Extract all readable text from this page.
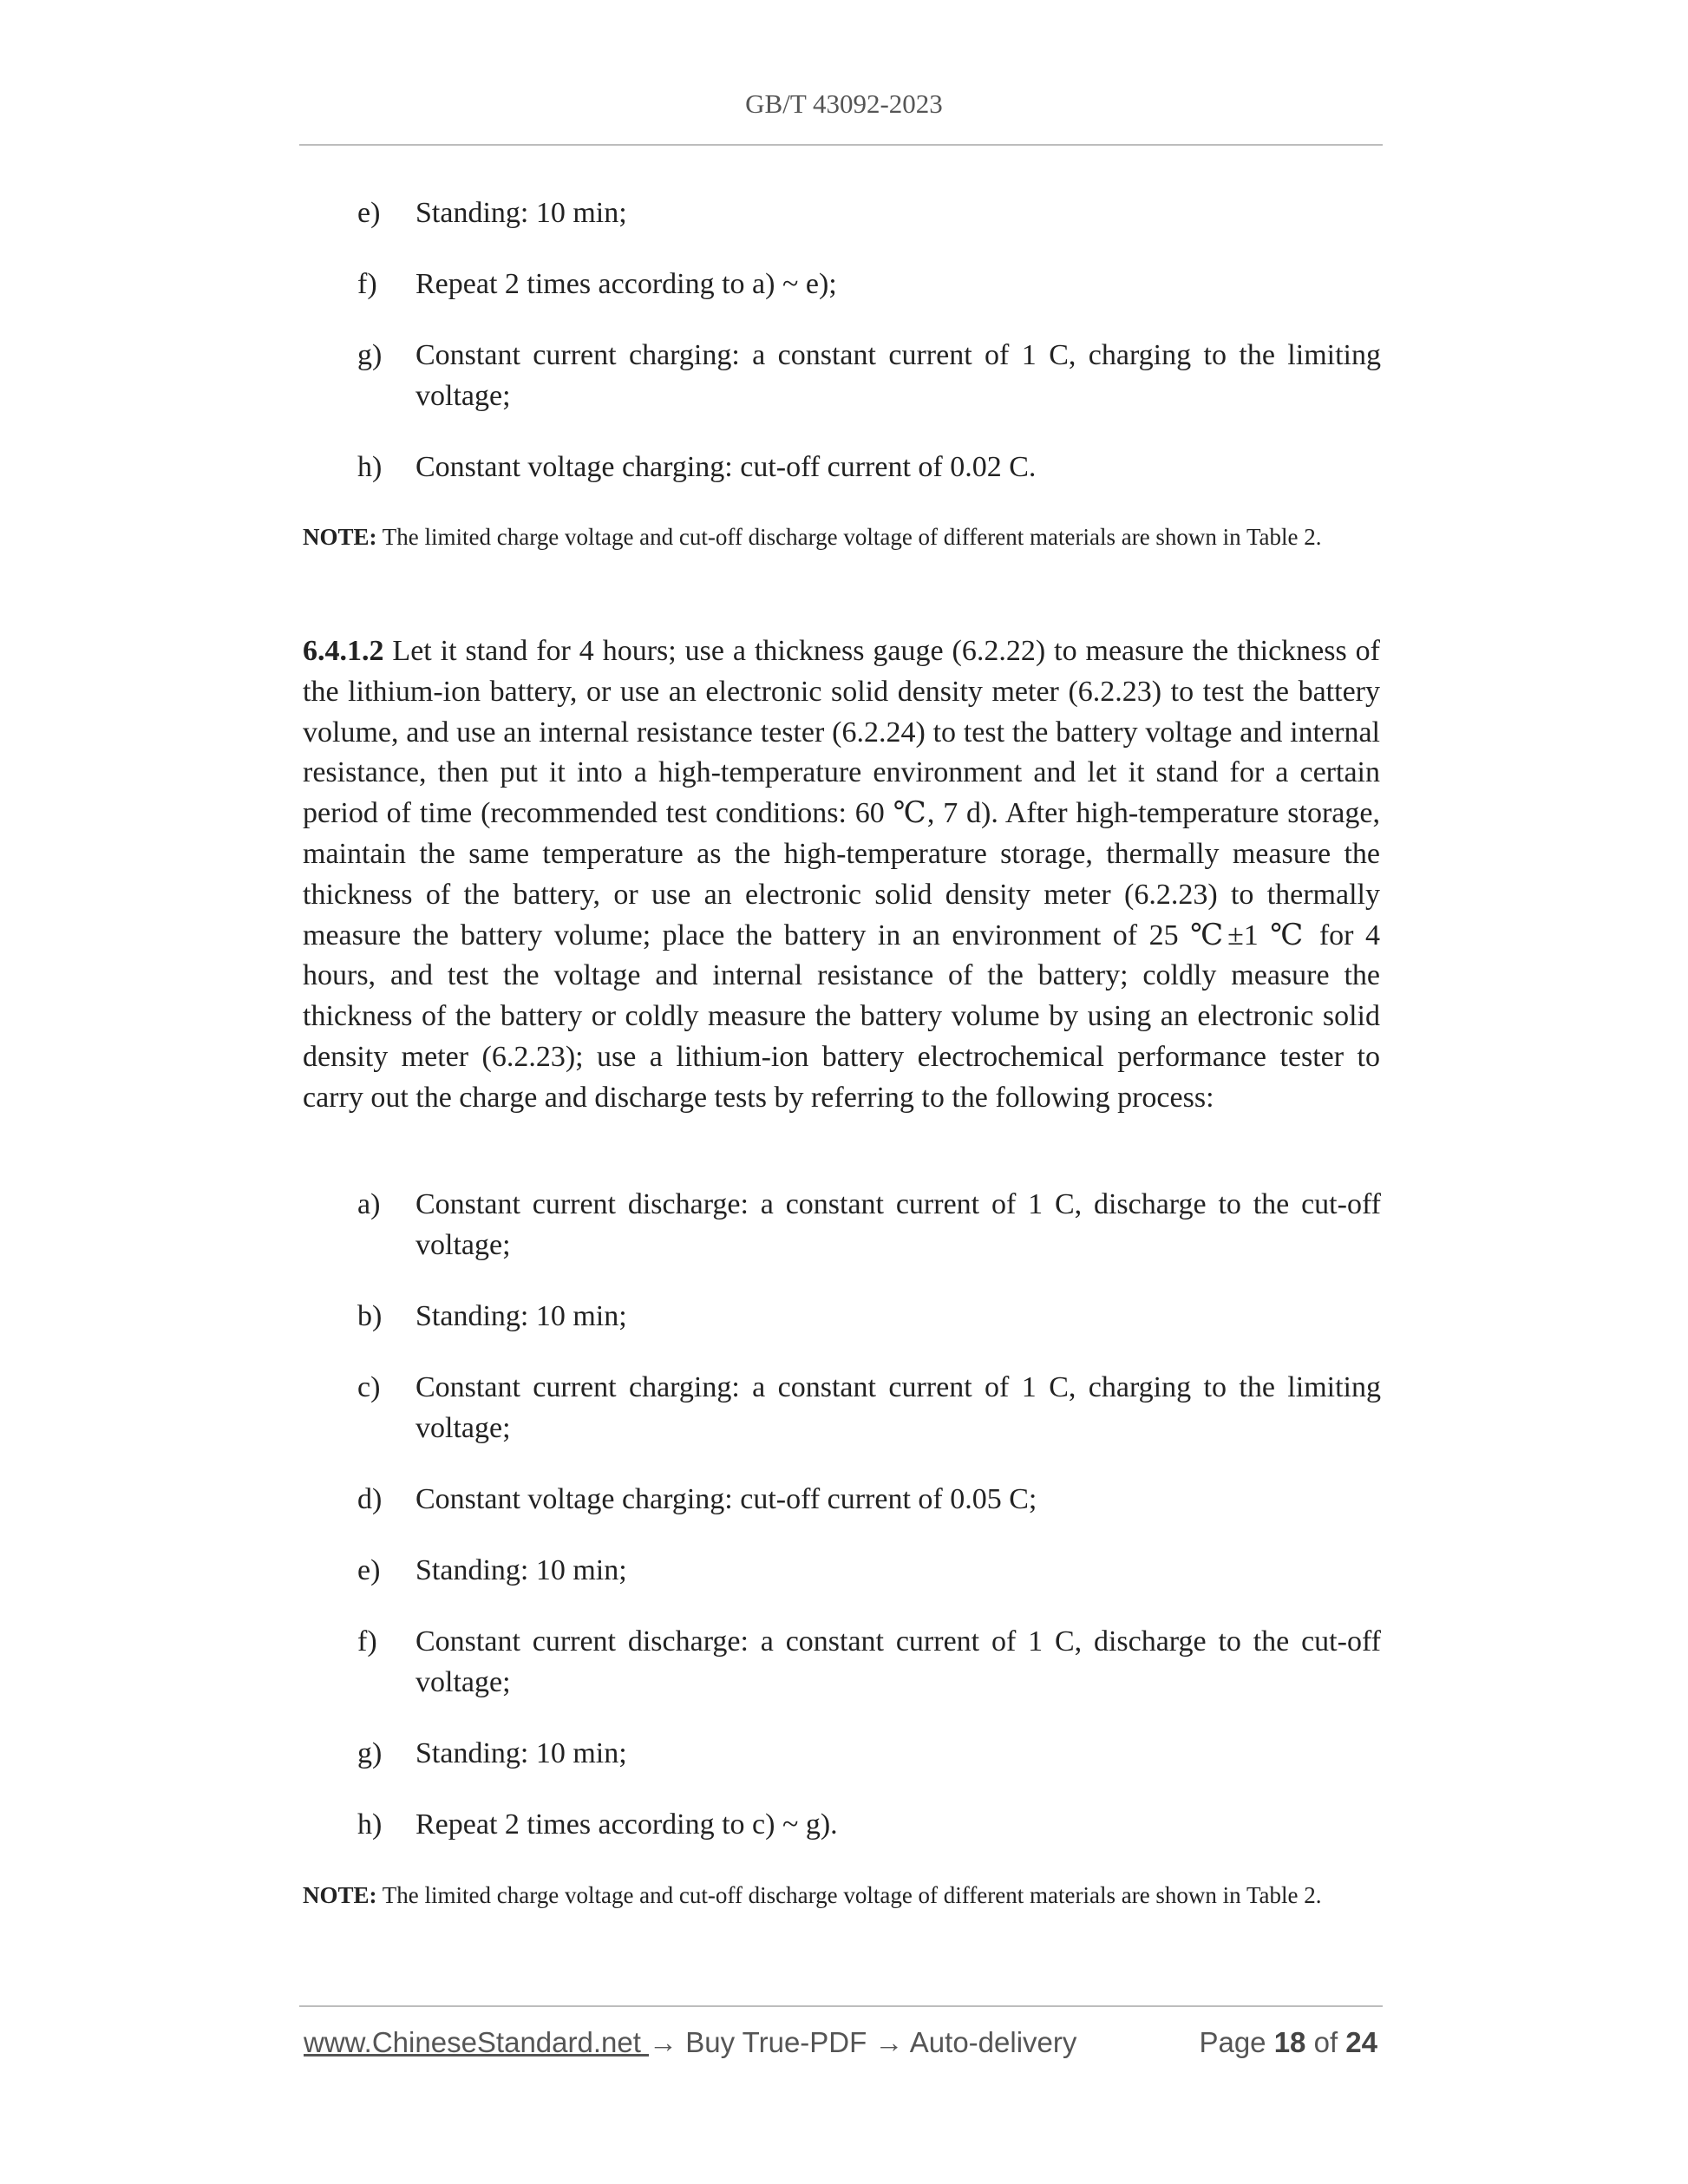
GB/T 43092-2023
e) Standing: 10 min;
f) Repeat 2 times according to a) ~ e);
g) Constant current charging: a constant current of 1 C, charging to the limiting voltage;
h) Constant voltage charging: cut-off current of 0.02 C.
NOTE: The limited charge voltage and cut-off discharge voltage of different materials are shown in Table 2.
6.4.1.2 Let it stand for 4 hours; use a thickness gauge (6.2.22) to measure the thickness of the lithium-ion battery, or use an electronic solid density meter (6.2.23) to test the battery volume, and use an internal resistance tester (6.2.24) to test the battery voltage and internal resistance, then put it into a high-temperature environment and let it stand for a certain period of time (recommended test conditions: 60 ℃, 7 d). After high-temperature storage, maintain the same temperature as the high-temperature storage, thermally measure the thickness of the battery, or use an electronic solid density meter (6.2.23) to thermally measure the battery volume; place the battery in an environment of 25 ℃±1 ℃ for 4 hours, and test the voltage and internal resistance of the battery; coldly measure the thickness of the battery or coldly measure the battery volume by using an electronic solid density meter (6.2.23); use a lithium-ion battery electrochemical performance tester to carry out the charge and discharge tests by referring to the following process:
a) Constant current discharge: a constant current of 1 C, discharge to the cut-off voltage;
b) Standing: 10 min;
c) Constant current charging: a constant current of 1 C, charging to the limiting voltage;
d) Constant voltage charging: cut-off current of 0.05 C;
e) Standing: 10 min;
f) Constant current discharge: a constant current of 1 C, discharge to the cut-off voltage;
g) Standing: 10 min;
h) Repeat 2 times according to c) ~ g).
NOTE: The limited charge voltage and cut-off discharge voltage of different materials are shown in Table 2.
www.ChineseStandard.net → Buy True-PDF → Auto-delivery	Page 18 of 24
